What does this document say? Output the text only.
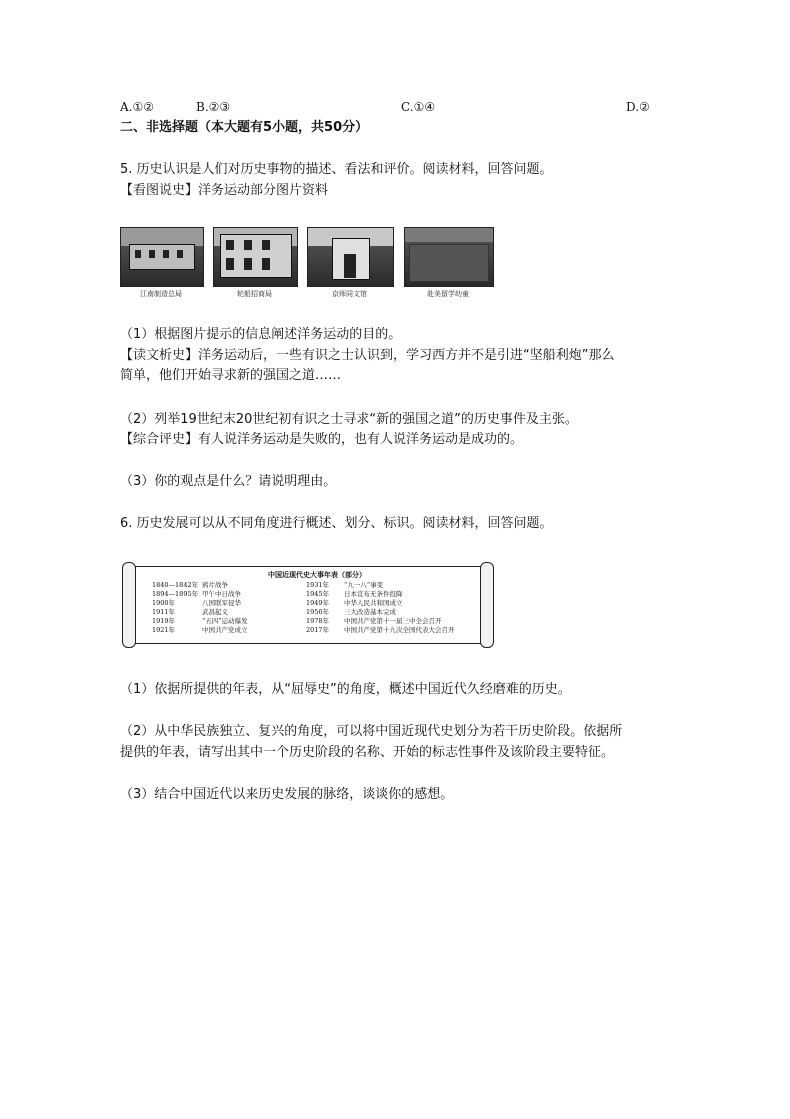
A.①②	B.②③	C.①④	D.②
二、非选择题（本大题有5小题，共50分）
5. 历史认识是人们对历史事物的描述、看法和评价。阅读材料，回答问题。
【看图说史】洋务运动部分图片资料
江南制造总局	轮船招商局	京师同文馆	赴美留学幼童
（1）根据图片提示的信息阐述洋务运动的目的。
【读文析史】洋务运动后，一些有识之士认识到，学习西方并不是引进“坚船利炮”那么
简单，他们开始寻求新的强国之道……
（2）列举19世纪末20世纪初有识之士寻求“新的强国之道”的历史事件及主张。
【综合评史】有人说洋务运动是失败的，也有人说洋务运动是成功的。
（3）你的观点是什么？请说明理由。
6. 历史发展可以从不同角度进行概述、划分、标识。阅读材料，回答问题。
中国近现代史大事年表（部分）
1840—1842年 鸦片战争
1894—1895年 甲午中日战争
1900年	八国联军侵华
1911年	武昌起义
1919年	“五四”运动爆发
1921年	中国共产党成立
1931年 “九一八”事变
1945年 日本宣布无条件投降
1949年 中华人民共和国成立
1956年 三大改造基本完成
1978年 中国共产党第十一届三中全会召开
2017年 中国共产党第十九次全国代表大会召开
（1）依据所提供的年表，从“屈辱史”的角度，概述中国近代久经磨难的历史。
（2）从中华民族独立、复兴的角度，可以将中国近现代史划分为若干历史阶段。依据所
提供的年表，请写出其中一个历史阶段的名称、开始的标志性事件及该阶段主要特征。
（3）结合中国近代以来历史发展的脉络，谈谈你的感想。
